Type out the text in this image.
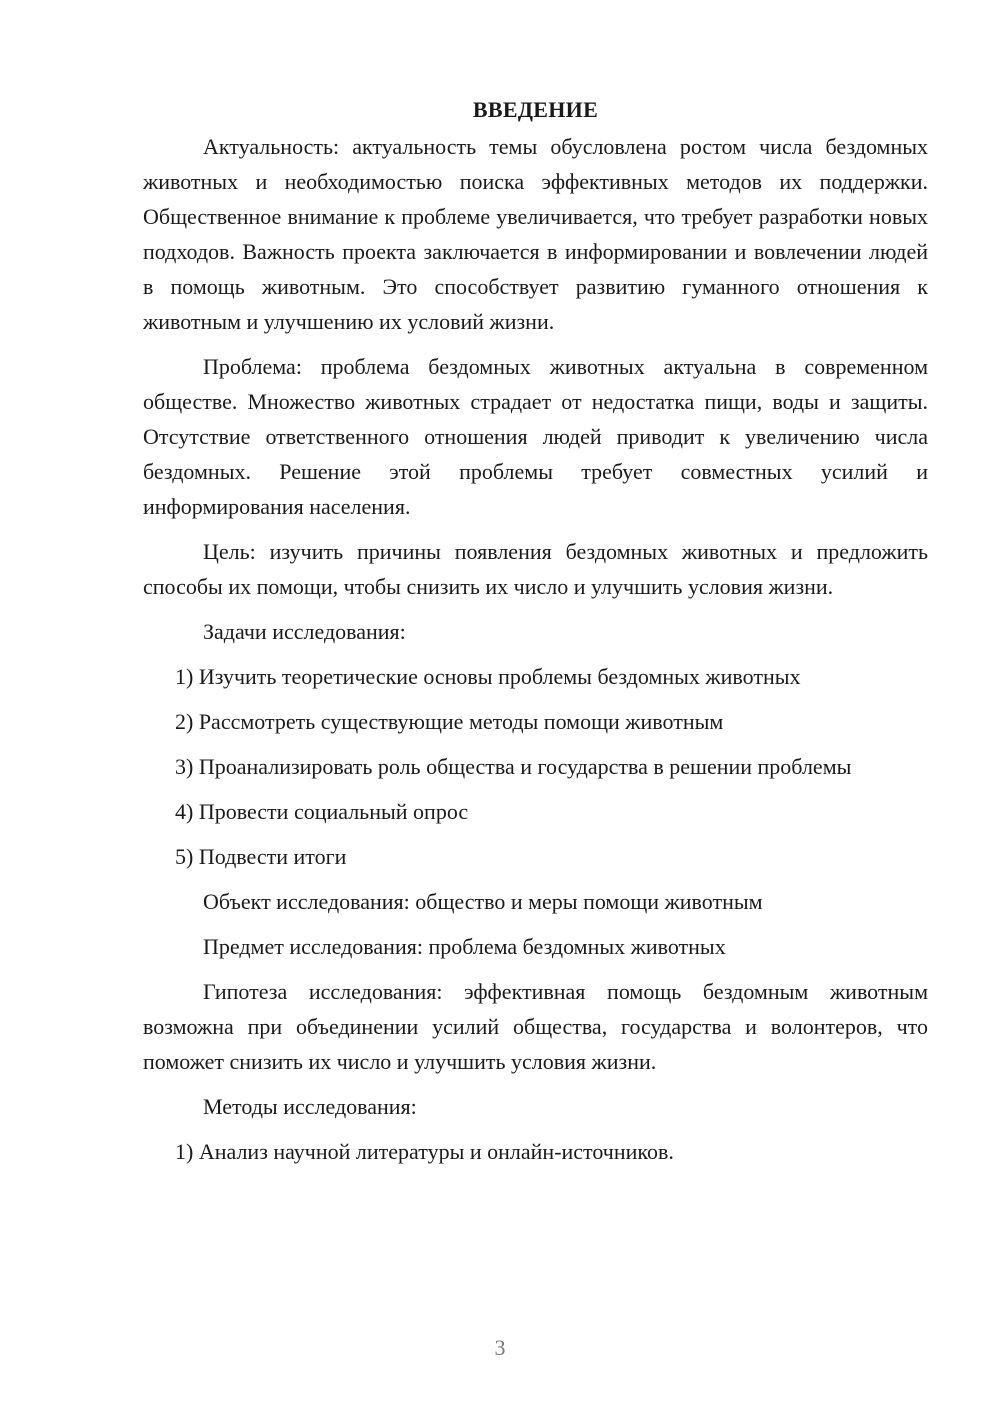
ВВЕДЕНИЕ

Актуальность: актуальность темы обусловлена ростом числа бездомных животных и необходимостью поиска эффективных методов их поддержки. Общественное внимание к проблеме увеличивается, что требует разработки новых подходов. Важность проекта заключается в информировании и вовлечении людей в помощь животным. Это способствует развитию гуманного отношения к животным и улучшению их условий жизни.

Проблема: проблема бездомных животных актуальна в современном обществе. Множество животных страдает от недостатка пищи, воды и защиты. Отсутствие ответственного отношения людей приводит к увеличению числа бездомных. Решение этой проблемы требует совместных усилий и информирования населения.

Цель: изучить причины появления бездомных животных и предложить способы их помощи, чтобы снизить их число и улучшить условия жизни.

Задачи исследования:

1) Изучить теоретические основы проблемы бездомных животных

2) Рассмотреть существующие методы помощи животным

3) Проанализировать роль общества и государства в решении проблемы

4) Провести социальный опрос

5) Подвести итоги

Объект исследования: общество и меры помощи животным

Предмет исследования: проблема бездомных животных

Гипотеза исследования: эффективная помощь бездомным животным возможна при объединении усилий общества, государства и волонтеров, что поможет снизить их число и улучшить условия жизни.

Методы исследования:

1) Анализ научной литературы и онлайн-источников.

3
